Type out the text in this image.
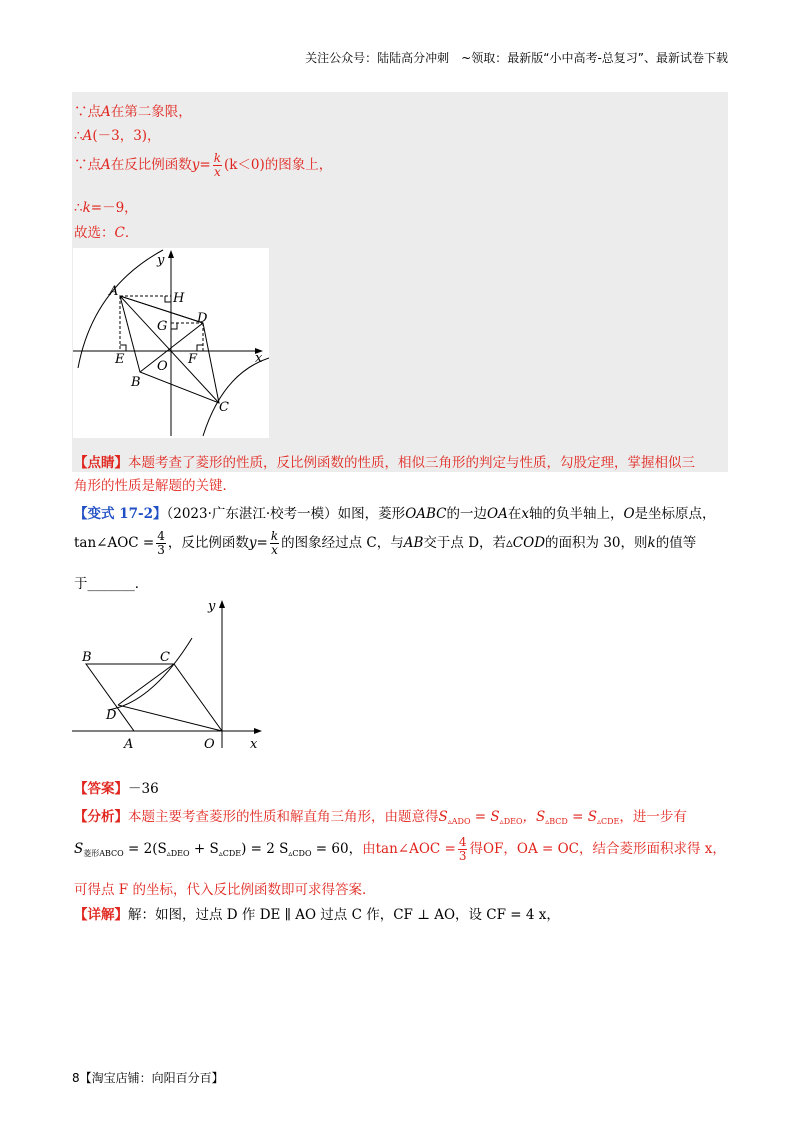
关注公众号：陆陆高分冲刺　~领取：最新版“小中高考-总复习”、最新试卷下载
∵点A在第二象限，
∴A(－3，3)，
∵点A在反比例函数$y= \frac{k}{x} (k<0)$的图象上，
∴k=－9，
故选：C．
A	H
D
G
E	F
O
B
C
x
y
【点睛】本题考查了菱形的性质，反比例函数的性质，相似三角形的判定与性质，勾股定理，掌握相似三
角形的性质是解题的关键．
【变式 17-2】（2023·广东湛江·校考一模）如图，菱形OABC的一边OA在x轴的负半轴上，O是坐标原点，
tan∠AOC = $\frac{4}{3}$ ，反比例函数$y= \frac{k}{x}$ 的图象经过点 C，与AB交于点 D，若▵COD的面积为 30，则k的值等
于_______．
B	C
D
A	O	x
y
【答案】－36
【分析】本题主要考查菱形的性质和解直角三角形，由题意得$S_{▵ADO} = S_{▵DEO}$，$S_{▵BCD} = S_{▵CDE}$，进一步有
$S_{菱形ABCO} = 2(S_{▵DEO} + S_{▵CDE}) = 2$ $S_{▵CDO} = 60$，由tan∠AOC = $\frac{4}{3}$ 得OF，OA = OC，结合菱形面积求得 x，
可得点 F 的坐标，代入反比例函数即可求得答案．
【详解】解：如图，过点 D 作 DE ∥ AO 过点 C 作，CF ⊥ AO，设 CF = 4 x，
8【淘宝店铺：向阳百分百】
